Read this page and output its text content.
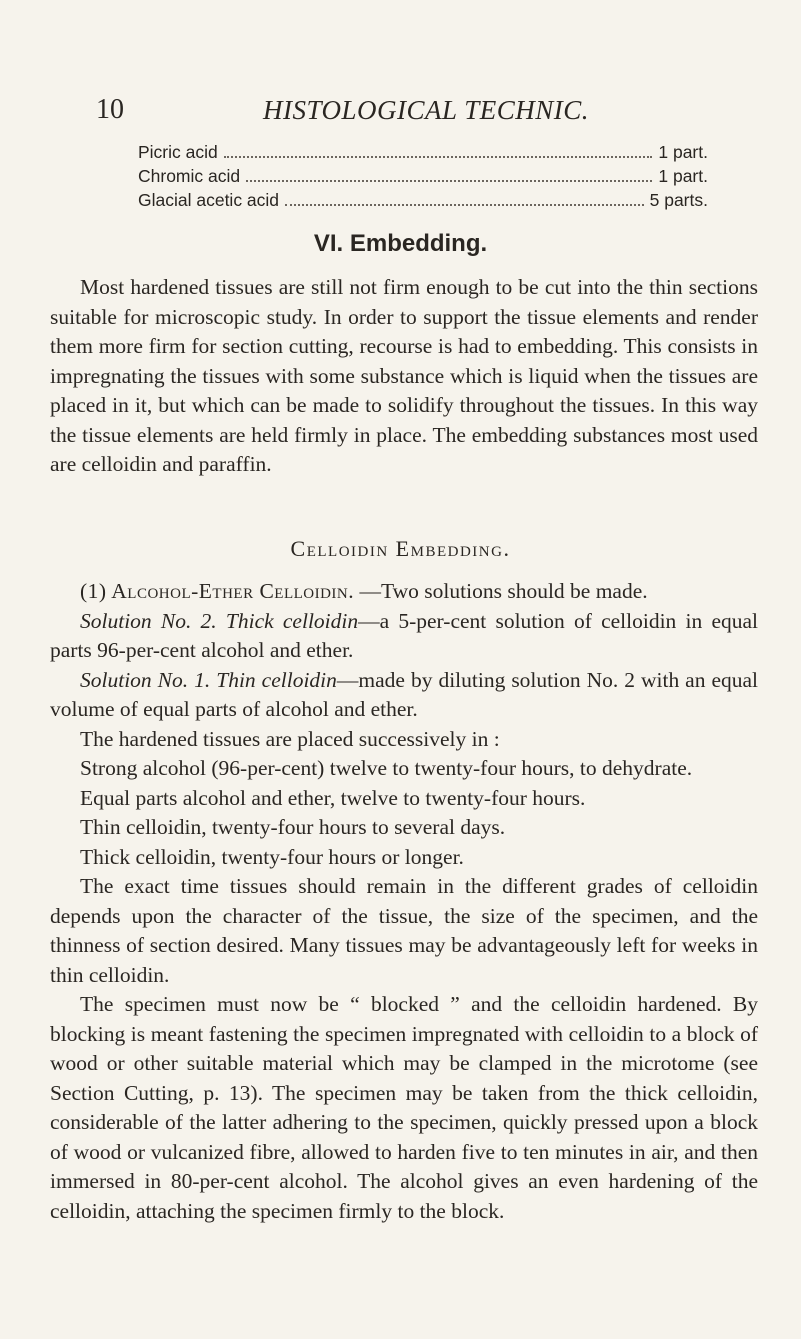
10	HISTOLOGICAL TECHNIC.
Picric acid	1 part.
Chromic acid	1 part.
Glacial acetic acid	5 parts.
VI. Embedding.

Most hardened tissues are still not firm enough to be cut into the thin sections suitable for microscopic study. In order to support the tissue elements and render them more firm for section cutting, recourse is had to embedding. This consists in impregnating the tissues with some substance which is liquid when the tissues are placed in it, but which can be made to solidify throughout the tissues. In this way the tissue elements are held firmly in place. The embedding substances most used are celloidin and paraffin.

Celloidin Embedding.

(1) Alcohol-Ether Celloidin. —Two solutions should be made.

Solution No. 2. Thick celloidin—a 5-per-cent solution of celloidin in equal parts 96-per-cent alcohol and ether.

Solution No. 1. Thin celloidin—made by diluting solution No. 2 with an equal volume of equal parts of alcohol and ether.

The hardened tissues are placed successively in :

Strong alcohol (96-per-cent) twelve to twenty-four hours, to dehydrate.

Equal parts alcohol and ether, twelve to twenty-four hours.

Thin celloidin, twenty-four hours to several days.

Thick celloidin, twenty-four hours or longer.

The exact time tissues should remain in the different grades of celloidin depends upon the character of the tissue, the size of the specimen, and the thinness of section desired. Many tissues may be advantageously left for weeks in thin celloidin.

The specimen must now be “ blocked ” and the celloidin hardened. By blocking is meant fastening the specimen impregnated with celloidin to a block of wood or other suitable material which may be clamped in the microtome (see Section Cutting, p. 13). The specimen may be taken from the thick celloidin, considerable of the latter adhering to the specimen, quickly pressed upon a block of wood or vulcanized fibre, allowed to harden five to ten minutes in air, and then immersed in 80-per-cent alcohol. The alcohol gives an even hardening of the celloidin, attaching the specimen firmly to the block.
